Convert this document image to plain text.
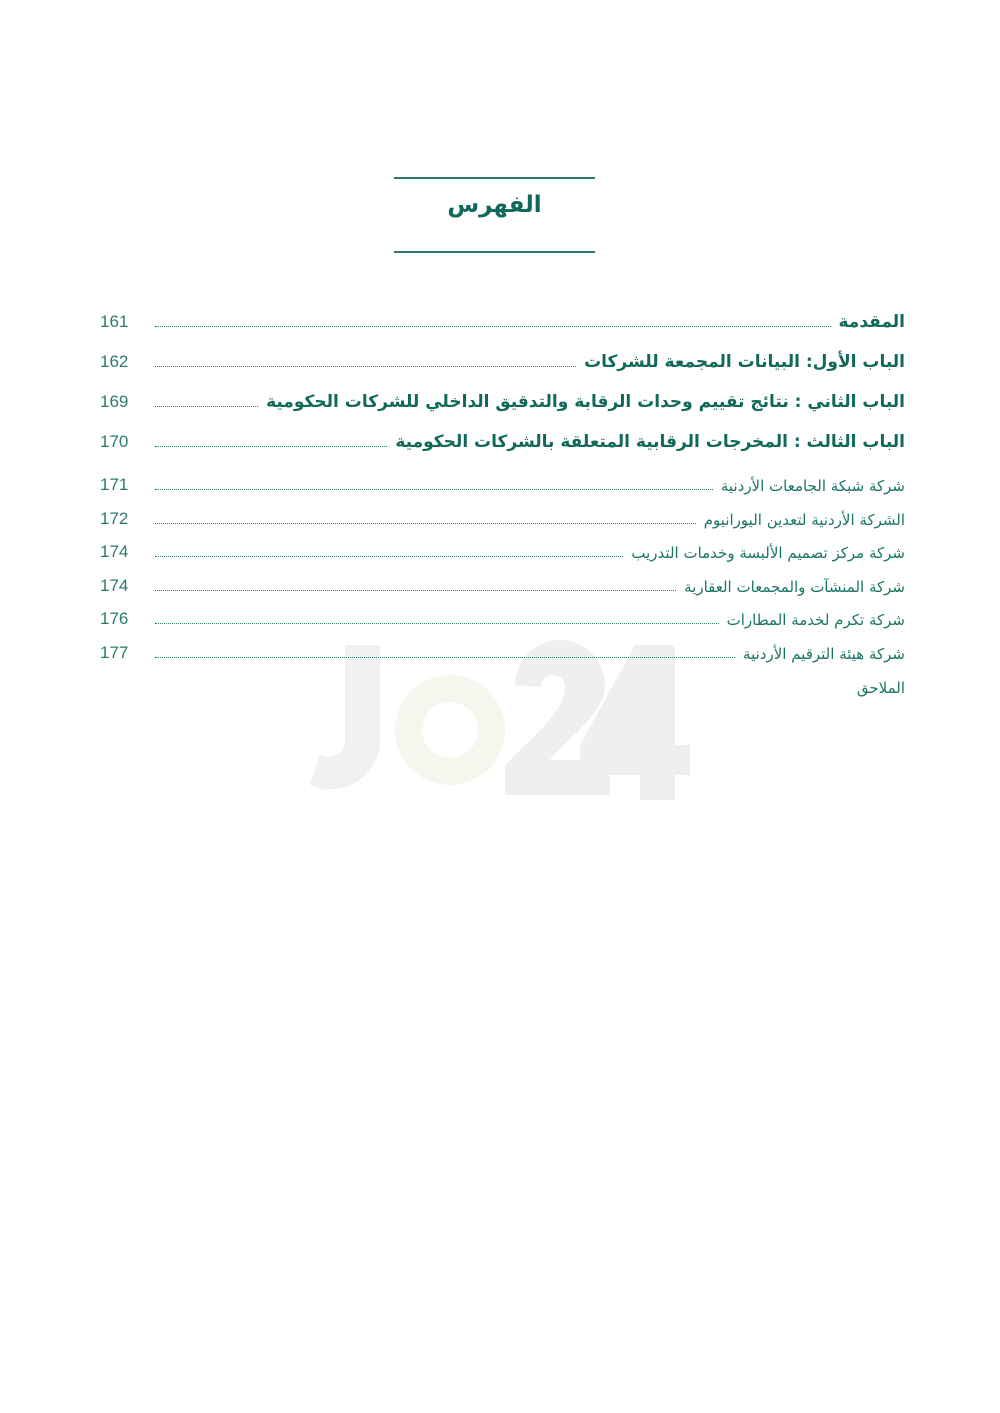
الفهرس
161	المقدمة
162	الباب الأول: البيانات المجمعة للشركات
169	الباب الثاني : نتائج تقييم وحدات الرقابة والتدقيق الداخلي للشركات الحكومية
170	الباب الثالث : المخرجات الرقابية المتعلقة بالشركات الحكومية
171	شركة شبكة الجامعات الأردنية
172	الشركة الأردنية لتعدين اليورانيوم
174	شركة مركز تصميم الألبسة وخدمات التدريب
174	شركة المنشآت والمجمعات العقارية
176	شركة تكرم لخدمة المطارات
177	شركة هيئة الترقيم الأردنية
الملاحق
